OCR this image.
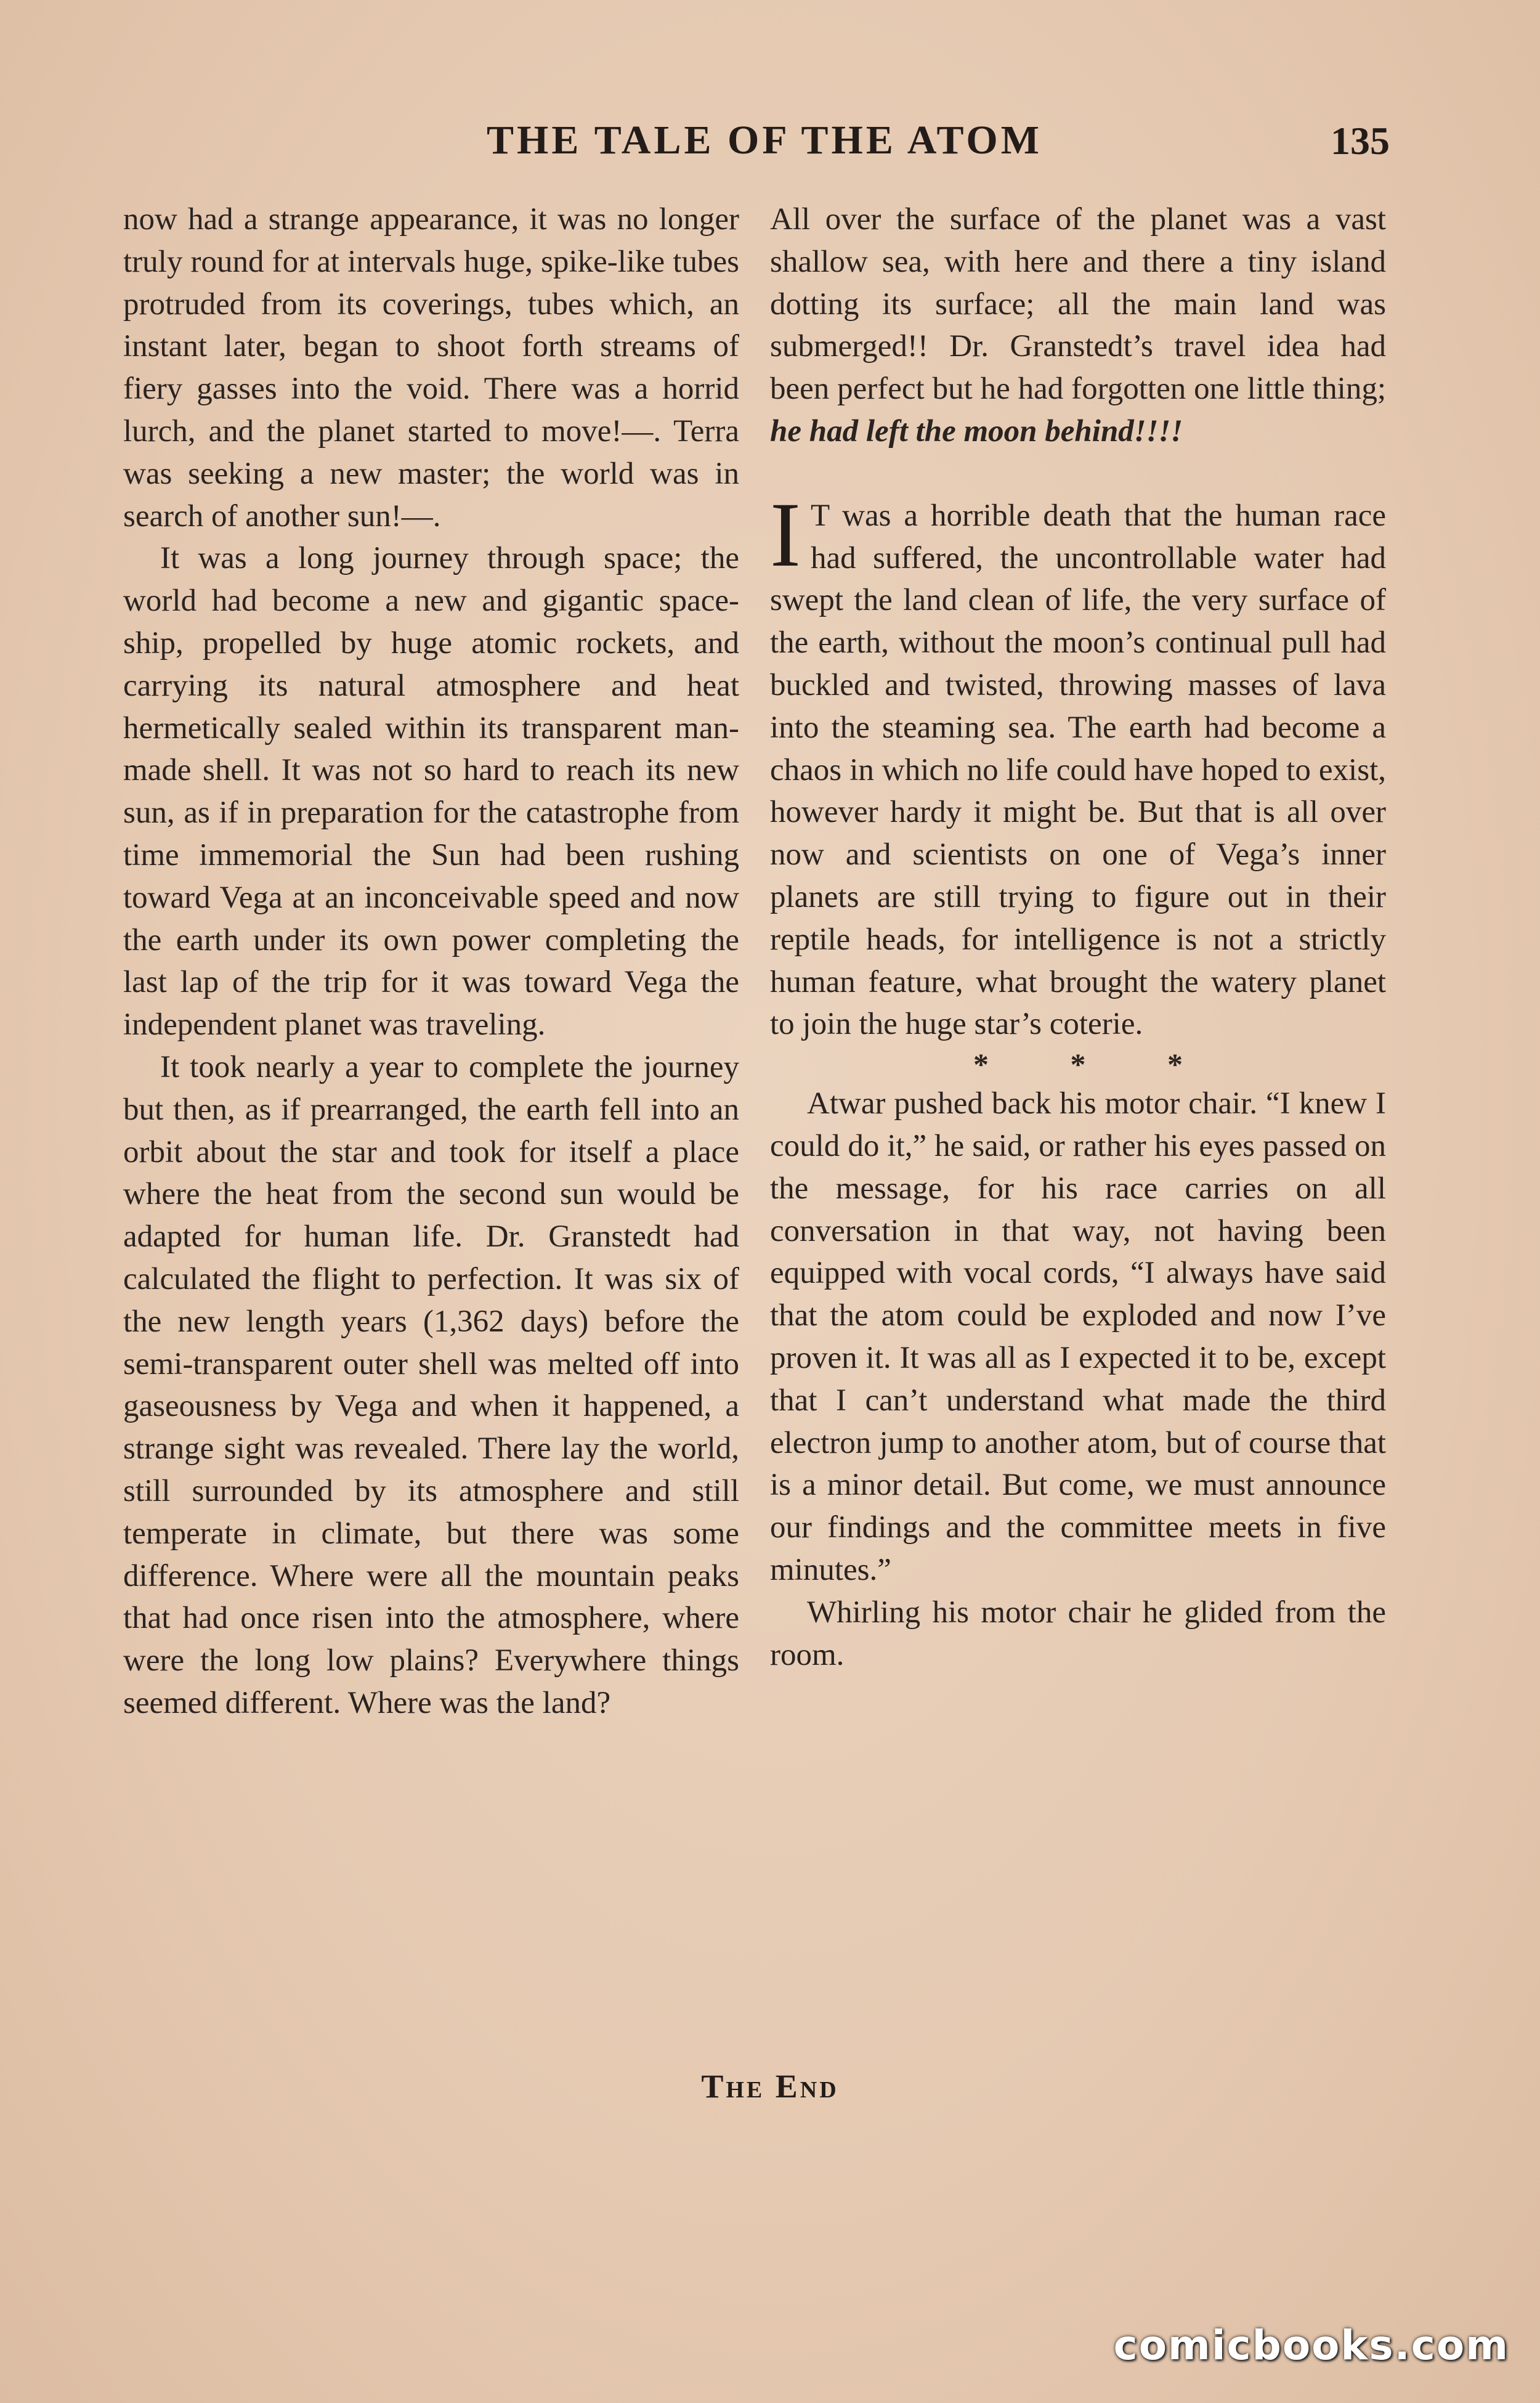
THE TALE OF THE ATOM	135

now had a strange appearance, it was no longer truly round for at intervals huge, spike-like tubes protruded from its coverings, tubes which, an instant later, began to shoot forth streams of fiery gasses into the void. There was a horrid lurch, and the planet started to move!—. Terra was seeking a new master; the world was in search of another sun!—.

It was a long journey through space; the world had become a new and gigantic space-ship, propelled by huge atomic rockets, and carrying its natural atmosphere and heat hermetically sealed within its transparent man-made shell. It was not so hard to reach its new sun, as if in preparation for the catastrophe from time immemorial the Sun had been rushing toward Vega at an inconceivable speed and now the earth under its own power completing the last lap of the trip for it was toward Vega the independent planet was traveling.

It took nearly a year to complete the journey but then, as if prearranged, the earth fell into an orbit about the star and took for itself a place where the heat from the second sun would be adapted for human life. Dr. Granstedt had calculated the flight to perfection. It was six of the new length years (1,362 days) before the semi-transparent outer shell was melted off into gaseousness by Vega and when it happened, a strange sight was revealed. There lay the world, still surrounded by its atmosphere and still temperate in climate, but there was some difference. Where were all the mountain peaks that had once risen into the atmosphere, where were the long low plains? Everywhere things seemed different. Where was the land?

All over the surface of the planet was a vast shallow sea, with here and there a tiny island dotting its surface; all the main land was submerged!! Dr. Granstedt’s travel idea had been perfect but he had forgotten one little thing; he had left the moon behind!!!!

I T was a horrible death that the human race had suffered, the uncontrollable water had swept the land clean of life, the very surface of the earth, without the moon’s continual pull had buckled and twisted, throwing masses of lava into the steaming sea. The earth had become a chaos in which no life could have hoped to exist, however hardy it might be. But that is all over now and scientists on one of Vega’s inner planets are still trying to figure out in their reptile heads, for intelligence is not a strictly human feature, what brought the watery planet to join the huge star’s coterie.

* * *

Atwar pushed back his motor chair. “I knew I could do it,” he said, or rather his eyes passed on the message, for his race carries on all conversation in that way, not having been equipped with vocal cords, “I always have said that the atom could be exploded and now I’ve proven it. It was all as I expected it to be, except that I can’t understand what made the third electron jump to another atom, but of course that is a minor detail. But come, we must announce our findings and the committee meets in five minutes.”

Whirling his motor chair he glided from the room.

The End
comicbooks.com
